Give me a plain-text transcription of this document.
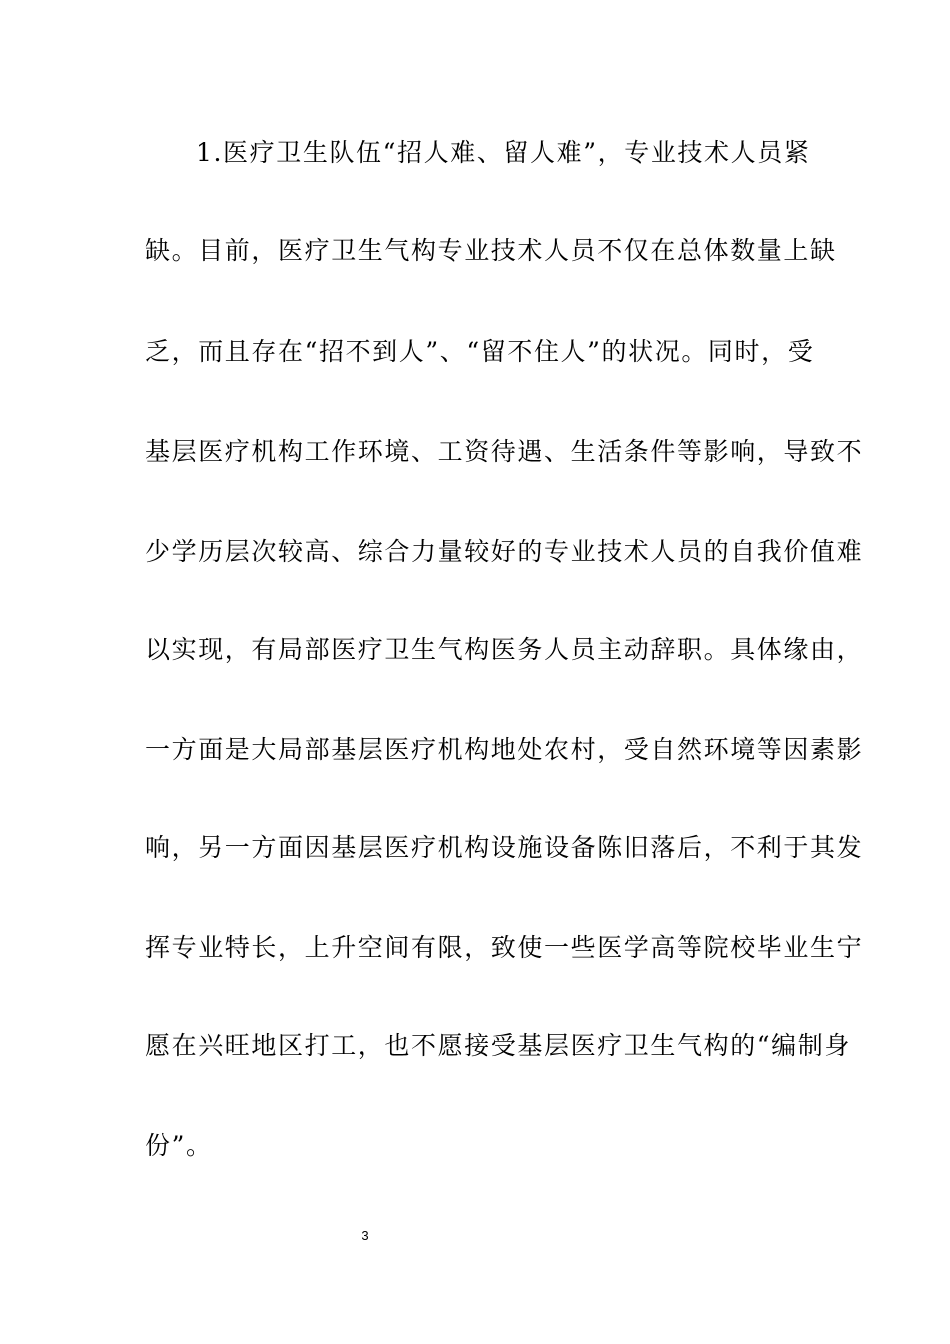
1.医疗卫生队伍“招人难、留人难”，专业技术人员紧
缺。目前，医疗卫生气构专业技术人员不仅在总体数量上缺
乏，而且存在“招不到人”、“留不住人”的状况。同时，受
基层医疗机构工作环境、工资待遇、生活条件等影响，导致不
少学历层次较高、综合力量较好的专业技术人员的自我价值难
以实现，有局部医疗卫生气构医务人员主动辞职。具体缘由，
一方面是大局部基层医疗机构地处农村，受自然环境等因素影
响，另一方面因基层医疗机构设施设备陈旧落后，不利于其发
挥专业特长，上升空间有限，致使一些医学高等院校毕业生宁
愿在兴旺地区打工，也不愿接受基层医疗卫生气构的“编制身
份”。
3
